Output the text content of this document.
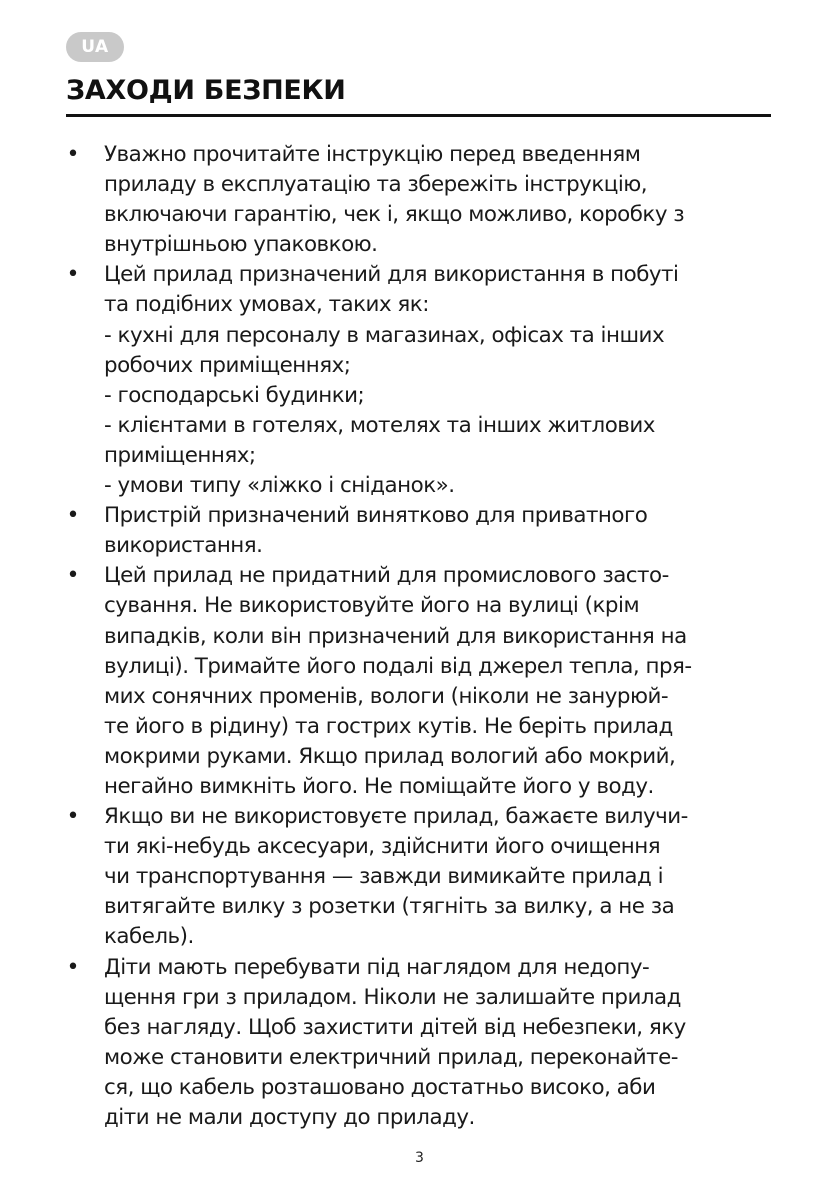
UA
ЗАХОДИ БЕЗПЕКИ
• Уважно прочитайте інструкцію перед введенням
приладу в експлуатацію та збережіть інструкцію,
включаючи гарантію, чек і, якщо можливо, коробку з
внутрішньою упаковкою.
• Цей прилад призначений для використання в побуті
та подібних умовах, таких як:
- кухні для персоналу в магазинах, офісах та інших
робочих приміщеннях;
- господарські будинки;
- клієнтами в готелях, мотелях та інших житлових
приміщеннях;
- умови типу «ліжко і сніданок».
• Пристрій призначений винятково для приватного
використання.
• Цей прилад не придатний для промислового засто-
сування. Не використовуйте його на вулиці (крім
випадків, коли він призначений для використання на
вулиці). Тримайте його подалі від джерел тепла, пря-
мих сонячних променів, вологи (ніколи не занурюй-
те його в рідину) та гострих кутів. Не беріть прилад
мокрими руками. Якщо прилад вологий або мокрий,
негайно вимкніть його. Не поміщайте його у воду.
• Якщо ви не використовуєте прилад, бажаєте вилучи-
ти які-небудь аксесуари, здійснити його очищення
чи транспортування — завжди вимикайте прилад і
витягайте вилку з розетки (тягніть за вилку, а не за
кабель).
• Діти мають перебувати під наглядом для недопу-
щення гри з приладом. Ніколи не залишайте прилад
без нагляду. Щоб захистити дітей від небезпеки, яку
може становити електричний прилад, переконайте-
ся, що кабель розташовано достатньо високо, аби
діти не мали доступу до приладу.
3
